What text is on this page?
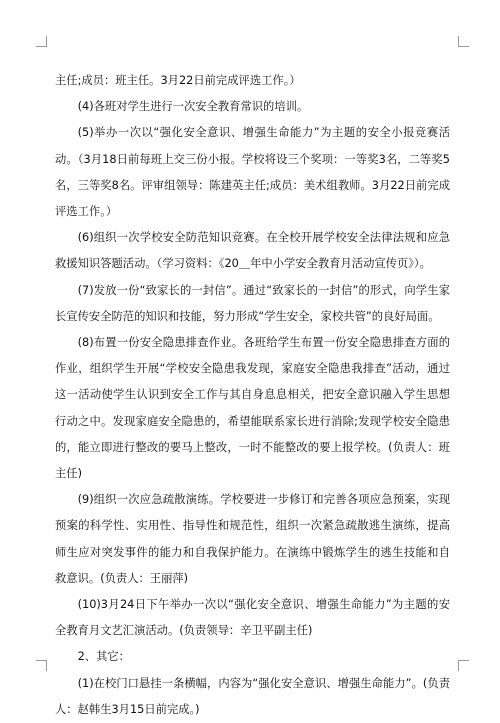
主任;成员：班主任。3月22日前完成评选工作。）

(4)各班对学生进行一次安全教育常识的培训。

(5)举办一次以“强化安全意识、增强生命能力”为主题的安全小报竞赛活动。（3月18日前每班上交三份小报。学校将设三个奖项：一等奖3名，二等奖5名，三等奖8名。评审组领导：陈建英主任;成员：美术组教师。3月22日前完成评选工作。）

(6)组织一次学校安全防范知识竞赛。在全校开展学校安全法律法规和应急救援知识答题活动。（学习资料：《20＿年中小学安全教育月活动宣传页》）。

(7)发放一份“致家长的一封信”。通过“致家长的一封信”的形式，向学生家长宣传安全防范的知识和技能，努力形成“学生安全，家校共管”的良好局面。

(8)布置一份安全隐患排查作业。各班给学生布置一份安全隐患排查方面的作业，组织学生开展“学校安全隐患我发现，家庭安全隐患我排查”活动，通过这一活动使学生认识到安全工作与其自身息息相关，把安全意识融入学生思想行动之中。发现家庭安全隐患的，希望能联系家长进行消除;发现学校安全隐患的，能立即进行整改的要马上整改，一时不能整改的要上报学校。(负责人：班主任)

(9)组织一次应急疏散演练。学校要进一步修订和完善各项应急预案，实现预案的科学性、实用性、指导性和规范性，组织一次紧急疏散逃生演练，提高师生应对突发事件的能力和自我保护能力。在演练中锻炼学生的逃生技能和自救意识。(负责人：王丽萍)

(10)3月24日下午举办一次以“强化安全意识、增强生命能力”为主题的安全教育月文艺汇演活动。(负责领导：辛卫平副主任)

2、其它：

(1)在校门口悬挂一条横幅，内容为“强化安全意识、增强生命能力”。(负责人：赵韩生3月15日前完成。)
